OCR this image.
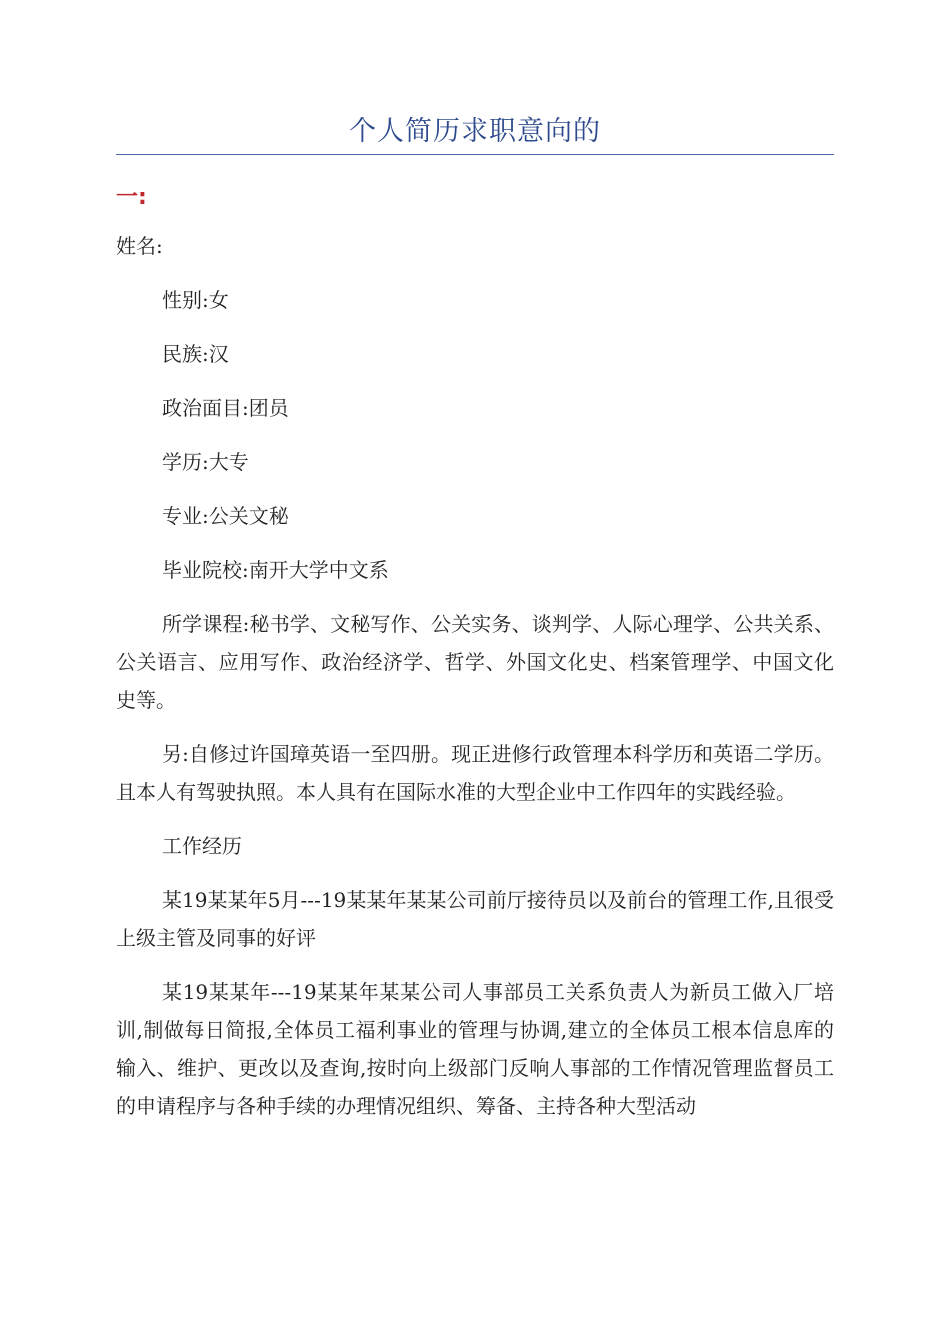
个人简历求职意向的
一:

姓名:

性别:女

民族:汉

政治面目:团员

学历:大专

专业:公关文秘

毕业院校:南开大学中文系

所学课程:秘书学、文秘写作、公关实务、谈判学、人际心理学、公共关系、公关语言、应用写作、政治经济学、哲学、外国文化史、档案管理学、中国文化史等。

另:自修过许国璋英语一至四册。现正进修行政管理本科学历和英语二学历。且本人有驾驶执照。本人具有在国际水准的大型企业中工作四年的实践经验。

工作经历

某19某某年5月---19某某年某某公司前厅接待员以及前台的管理工作,且很受上级主管及同事的好评

某19某某年---19某某年某某公司人事部员工关系负责人为新员工做入厂培训,制做每日简报,全体员工福利事业的管理与协调,建立的全体员工根本信息库的输入、维护、更改以及查询,按时向上级部门反响人事部的工作情况管理监督员工的申请程序与各种手续的办理情况组织、筹备、主持各种大型活动
